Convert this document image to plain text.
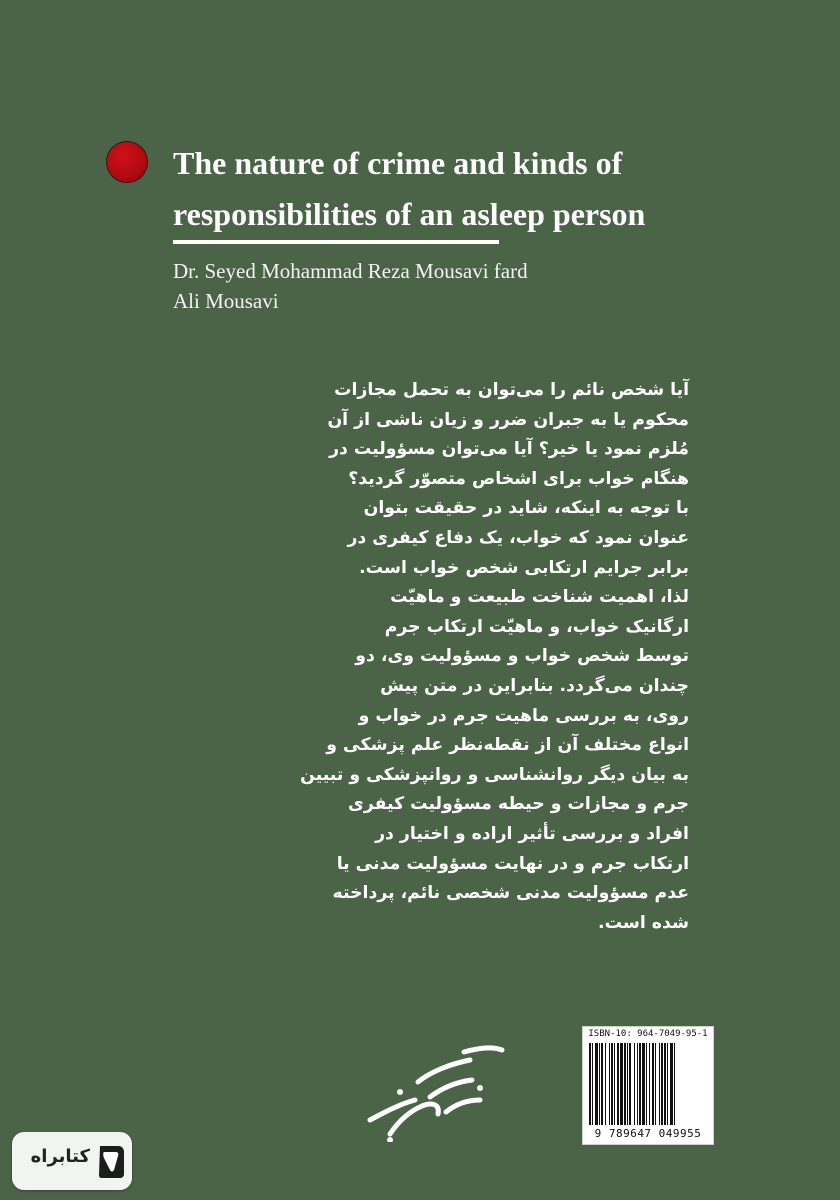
The nature of crime and kinds of
responsibilities of an asleep person
Dr. Seyed Mohammad Reza Mousavi fard
Ali Mousavi
آیا شخص نائم را می‌توان به تحمل مجازات
محکوم یا به جبران ضرر و زیان ناشی از آن
مُلزم نمود یا خیر؟ آیا می‌توان مسؤولیت در
هنگام خواب برای اشخاص متصوّر گردید؟
با توجه به اینکه، شاید در حقیقت بتوان
عنوان نمود که خواب، یک دفاع کیفری در
برابر جرایم ارتکابی شخص خواب است.
لذا، اهمیت شناخت طبیعت و ماهیّت
ارگانیک خواب، و ماهیّت ارتکاب جرم
توسط شخص خواب و مسؤولیت وی، دو
چندان می‌گردد. بنابراین در متن پیش
روی، به بررسی ماهیت جرم در خواب و
انواع مختلف آن از نقطه‌نظر علم پزشکی و
به بیان دیگر روانشناسی و روانپزشکی و تبیین
جرم و مجازات و حیطه مسؤولیت کیفری
افراد و بررسی تأثیر اراده و اختیار در
ارتکاب جرم و در نهایت مسؤولیت مدنی یا
عدم مسؤولیت مدنی شخصی نائم، پرداخته
شده است.
ISBN-10: 964-7049-95-1
9 789647 049955
کتابراه
